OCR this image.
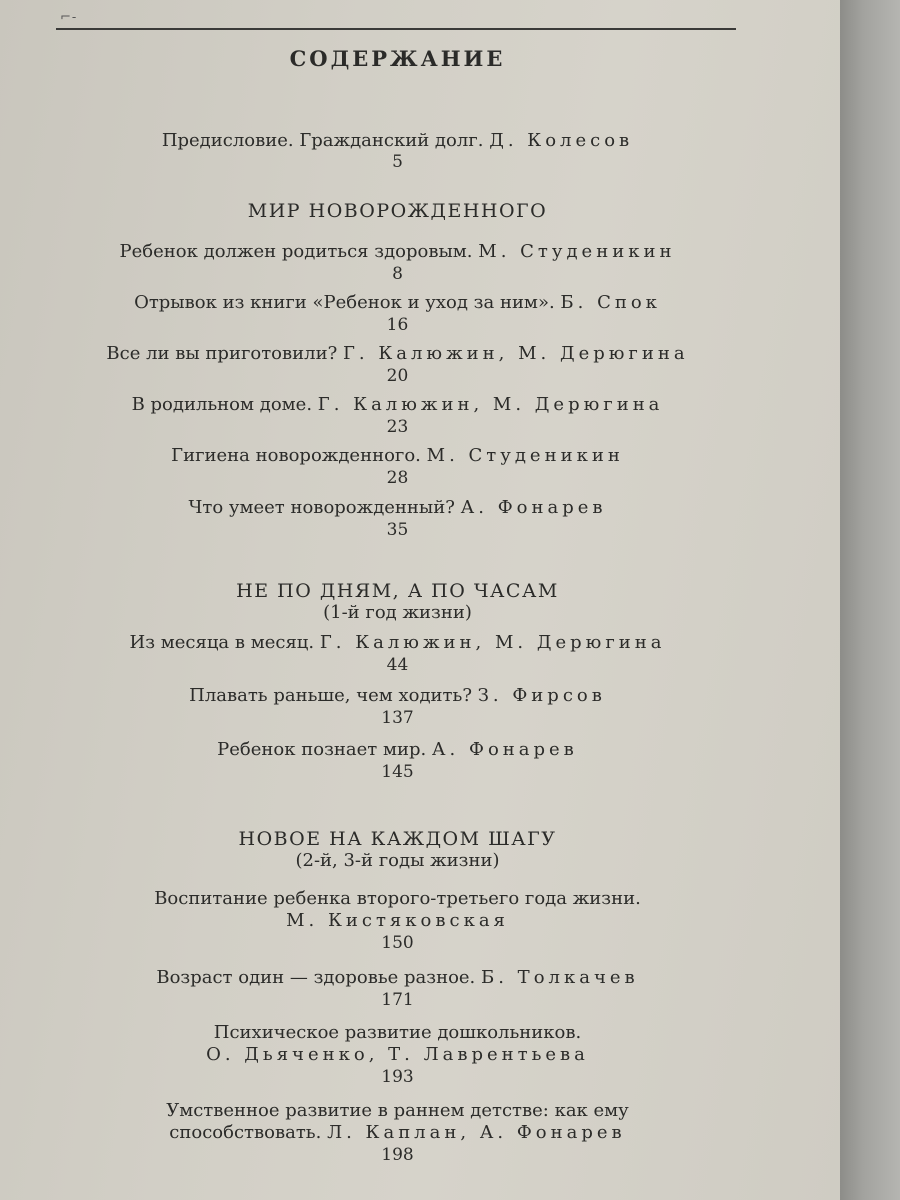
⌐-
СОДЕРЖАНИЕ
Предисловие. Гражданский долг. Д. Колесов
5
МИР НОВОРОЖДЕННОГО
Ребенок должен родиться здоровым. М. Студеникин
8
Отрывок из книги «Ребенок и уход за ним». Б. Спок
16
Все ли вы приготовили? Г. Калюжин, М. Дерюгина
20
В родильном доме. Г. Калюжин, М. Дерюгина
23
Гигиена новорожденного. М. Студеникин
28
Что умеет новорожденный? А. Фонарев
35
НЕ ПО ДНЯМ, А ПО ЧАСАМ
(1-й год жизни)
Из месяца в месяц. Г. Калюжин, М. Дерюгина
44
Плавать раньше, чем ходить? З. Фирсов
137
Ребенок познает мир. А. Фонарев
145
НОВОЕ НА КАЖДОМ ШАГУ
(2-й, 3-й годы жизни)
Воспитание ребенка второго-третьего года жизни.
М. Кистяковская
150
Возраст один — здоровье разное. Б. Толкачев
171
Психическое развитие дошкольников.
О. Дьяченко, Т. Лаврентьева
193
Умственное развитие в раннем детстве: как ему
способствовать. Л. Каплан, А. Фонарев
198
